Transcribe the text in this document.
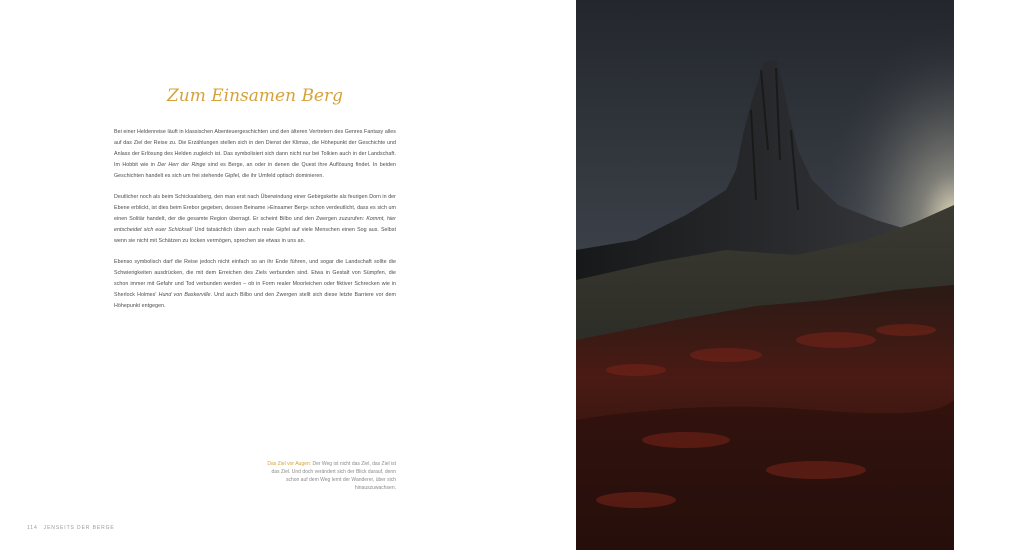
Zum Einsamen Berg

Bei einer Heldenreise läuft in klassischen Abenteuergeschichten und den älteren Vertretern des Genres Fantasy alles auf das Ziel der Reise zu. Die Erzählungen stellen sich in den Dienst der Klimax, die Höhepunkt der Geschichte und Anlass der Erlösung des Helden zugleich ist. Das symbolisiert sich dann nicht nur bei Tolkien auch in der Landschaft. Im Hobbit wie in Der Herr der Ringe sind es Berge, an oder in denen die Quest ihre Auflösung findet. In beiden Geschichten handelt es sich um frei stehende Gipfel, die ihr Umfeld optisch dominieren.

Deutlicher noch als beim Schicksalsberg, den man erst nach Überwindung einer Gebirgskette als feurigen Dorn in der Ebene erblickt, ist dies beim Erebor gegeben, dessen Beiname »Einsamer Berg« schon verdeutlicht, dass es sich um einen Solitär handelt, der die gesamte Region überragt. Er scheint Bilbo und den Zwergen zuzurufen: Kommt, hier entscheidet sich euer Schicksal! Und tatsächlich üben auch reale Gipfel auf viele Menschen einen Sog aus. Selbst wenn sie nicht mit Schätzen zu locken vermögen, sprechen sie etwas in uns an.

Ebenso symbolisch darf die Reise jedoch nicht einfach so an ihr Ende führen, und sogar die Landschaft sollte die Schwierigkeiten ausdrücken, die mit dem Erreichen des Ziels verbunden sind. Etwa in Gestalt von Sümpfen, die schon immer mit Gefahr und Tod verbunden werden – ob in Form realer Moorleichen oder fiktiver Schrecken wie in Sherlock Holmes' Hund von Baskerville. Und auch Bilbo und den Zwergen stellt sich diese letzte Barriere vor dem Höhepunkt entgegen.

Das Ziel vor Augen: Der Weg ist nicht das Ziel, das Ziel ist das Ziel. Und doch verändert sich der Blick darauf, denn schon auf dem Weg lernt der Wanderer, über sich hinauszuwachsen.

114 JENSEITS DER BERGE
